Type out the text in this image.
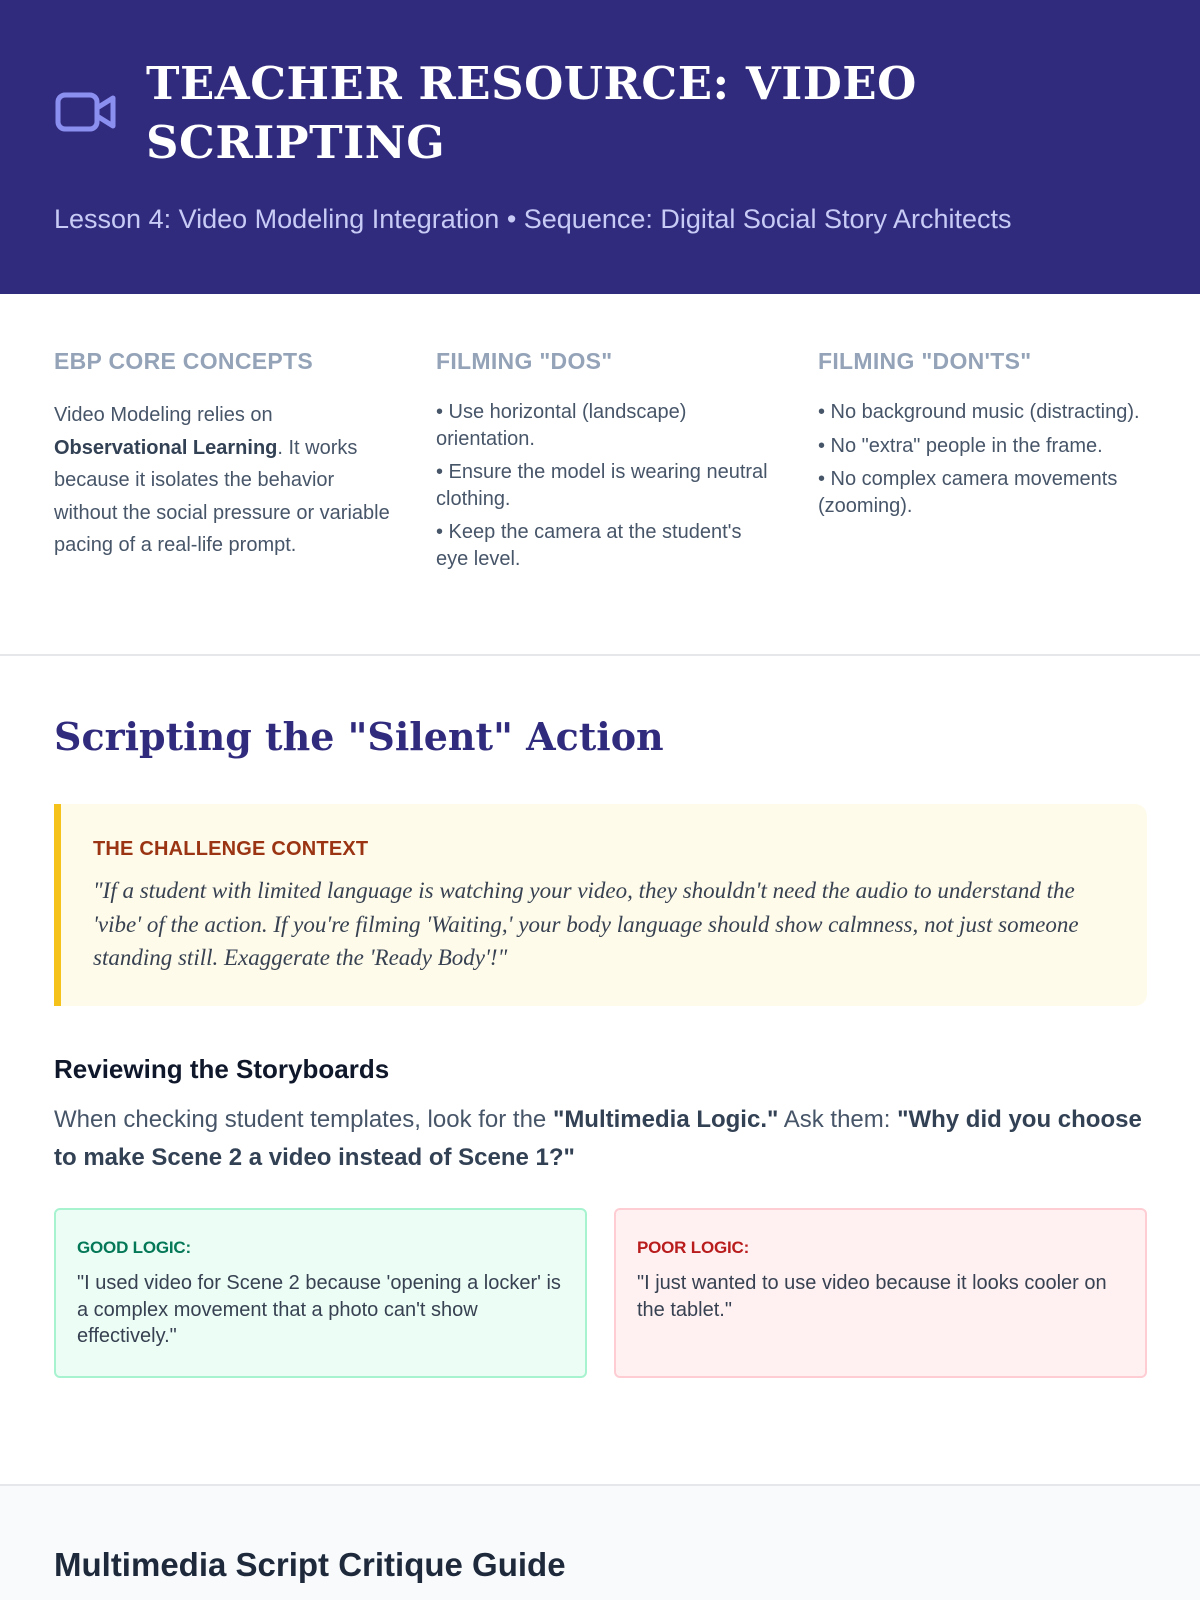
TEACHER RESOURCE: VIDEO SCRIPTING
Lesson 4: Video Modeling Integration • Sequence: Digital Social Story Architects
EBP CORE CONCEPTS

Video Modeling relies on Observational Learning. It works because it isolates the behavior without the social pressure or variable pacing of a real-life prompt.

FILMING "DOS"
• Use horizontal (landscape) orientation.
• Ensure the model is wearing neutral clothing.
• Keep the camera at the student's eye level.
FILMING "DON'TS"
• No background music (distracting).
• No "extra" people in the frame.
• No complex camera movements (zooming).
Scripting the "Silent" Action
THE CHALLENGE CONTEXT
"If a student with limited language is watching your video, they shouldn't need the audio to understand the 'vibe' of the action. If you're filming 'Waiting,' your body language should show calmness, not just someone standing still. Exaggerate the 'Ready Body'!"
Reviewing the Storyboards
When checking student templates, look for the "Multimedia Logic." Ask them: "Why did you choose to make Scene 2 a video instead of Scene 1?"
GOOD LOGIC:
"I used video for Scene 2 because 'opening a locker' is a complex movement that a photo can't show effectively."
POOR LOGIC:
"I just wanted to use video because it looks cooler on the tablet."
Multimedia Script Critique Guide
